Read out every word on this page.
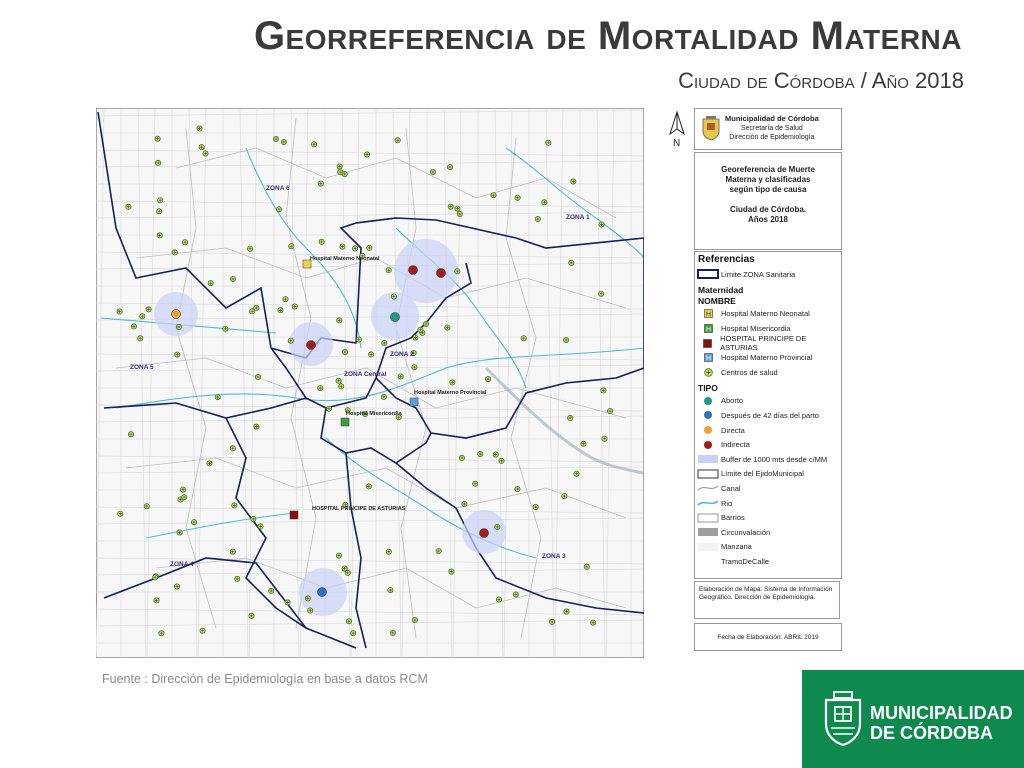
Georreferencia de Mortalidad Materna
Ciudad de Córdoba / Año 2018
ZONA 6
ZONA 1
ZONA 5
ZONA 2
ZONA Central
ZONA 3
ZONA 4
Hospital Materno Neonatal
Hospital Materno Provincial
Hospital Misericordia
HOSPITAL PRINCIPE DE ASTURIAS
N
Municipalidad de Córdoba
Secretaría de Salud
Dirección de Epidemiología
Georeferencia de Muerte
Materna y clasificadas
según tipo de causa
Ciudad de Córdoba.
Años 2018
Referencias
Limite ZONA Sanitaria
Maternidad
NOMBRE
H Hospital Materno Neonatal
H Hospital Misericordia
HOSPITAL PRINCIPE DE ASTURIAS
H Hospital Materno Provincial
Centros de salud
TIPO
Aborto
Después de 42 días del parto
Directa
Indirecta
Buffer de 1000 mts desde c/MM
Límite del EjidoMunicipal
Canal
Rio
Barrios
Circunvalación
Manzana
TramoDeCalle
Elaboración de Mapa: Sistema de Información Geográfico. Dirección de Epidemiología.
Fecha de Elaboración: ABRIL 2019
Fuente : Dirección de Epidemiología en base a datos RCM
MUNICIPALIDAD
DE CÓRDOBA
